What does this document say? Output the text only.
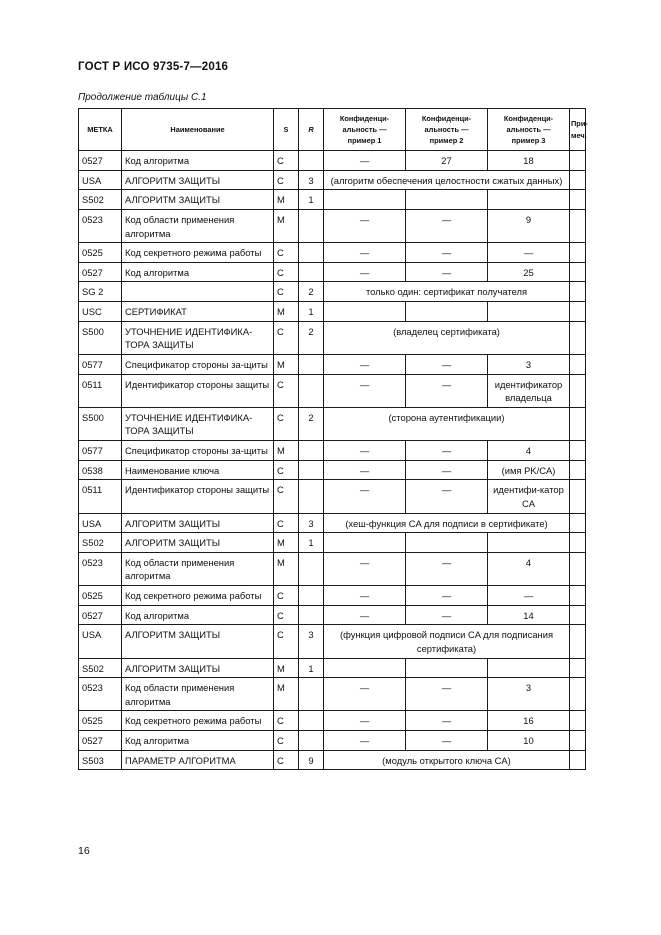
ГОСТ Р ИСО 9735-7—2016
Продолжение таблицы С.1
МЕТКА	Наименование	S	R	Конфиденци-
альность —
пример 1	Конфиденци-
альность —
пример 2	Конфиденци-
альность —
пример 3	При-
меч.
0527	Код алгоритма	C		—	27	18	
USA	АЛГОРИТМ ЗАЩИТЫ	C	3	(алгоритм обеспечения целостности сжатых данных)			
S502	АЛГОРИТМ ЗАЩИТЫ	M	1				
0523	Код области применения алгоритма	M		—	—	9	
0525	Код секретного режима работы	C		—	—	—	
0527	Код алгоритма	C		—	—	25	
SG 2		C	2	только один: сертификат получателя			
USC	СЕРТИФИКАТ	M	1				
S500	УТОЧНЕНИЕ ИДЕНТИФИКА-ТОРА ЗАЩИТЫ	C	2	(владелец сертификата)			
0577	Спецификатор стороны за-щиты	M		—	—	3	
0511	Идентификатор стороны защиты	C		—	—	идентификатор владельца	
S500	УТОЧНЕНИЕ ИДЕНТИФИКА-ТОРА ЗАЩИТЫ	C	2	(сторона аутентификации)			
0577	Спецификатор стороны за-щиты	M		—	—	4	
0538	Наименование ключа	C		—	—	(имя PK/CA)	
0511	Идентификатор стороны защиты	C		—	—	идентифи-катор CA	
USA	АЛГОРИТМ ЗАЩИТЫ	C	3	(хеш-функция CA для подписи в сертификате)			
S502	АЛГОРИТМ ЗАЩИТЫ	M	1				
0523	Код области применения алгоритма	M		—	—	4	
0525	Код секретного режима работы	C		—	—	—	
0527	Код алгоритма	C		—	—	14	
USA	АЛГОРИТМ ЗАЩИТЫ	C	3	(функция цифровой подписи CA для подписания сертификата)			
S502	АЛГОРИТМ ЗАЩИТЫ	M	1				
0523	Код области применения алгоритма	M		—	—	3	
0525	Код секретного режима работы	C		—	—	16	
0527	Код алгоритма	C		—	—	10	
S503	ПАРАМЕТР АЛГОРИТМА	C	9	(модуль открытого ключа CA)			
16
